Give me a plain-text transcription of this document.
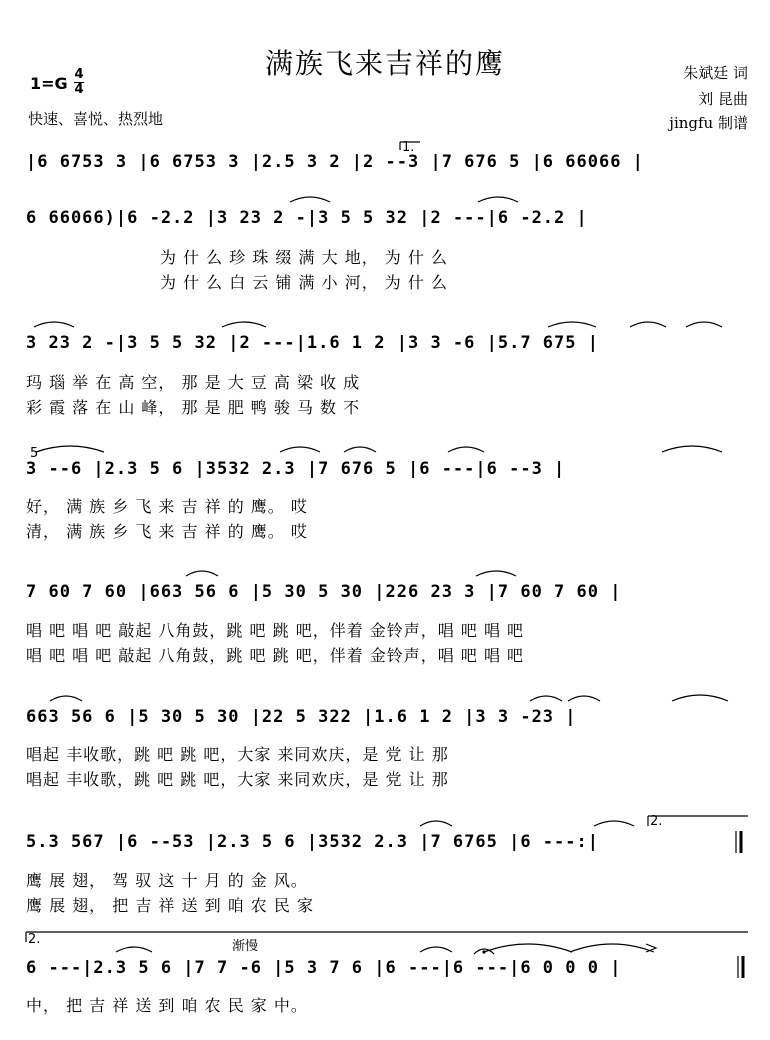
满族飞来吉祥的鹰
1=G 4
4
快速、喜悦、热烈地
朱斌廷 词
刘 昆曲
jingfu 制谱
|6 6753 3 |6 6753 3 |2.5 3 2 |2 --3 |7 676 5 |6 66066 |
6 66066)|6 -2.2 |3 23 2 -|3 5 5 32 |2 ---|6 -2.2 |
为 什 么 珍 珠 缀 满 大 地， 为 什 么
为 什 么 白 云 铺 满 小 河， 为 什 么
3 23 2 -|3 5 5 32 |2 ---|1.6 1 2 |3 3 -6 |5.7 675 |
玛 瑙 举 在 高 空， 那 是 大 豆 高 梁 收 成
彩 霞 落 在 山 峰， 那 是 肥 鸭 骏 马 数 不
3 --6 |2.3 5 6 |3532 2.3 |7 676 5 |6 ---|6 --3 |
好， 满 族 乡 飞 来 吉 祥 的 鹰。 哎
清， 满 族 乡 飞 来 吉 祥 的 鹰。 哎
7 60 7 60 |663 56 6 |5 30 5 30 |226 23 3 |7 60 7 60 |
唱 吧 唱 吧 敲起 八角鼓，跳 吧 跳 吧，伴着 金铃声，唱 吧 唱 吧
唱 吧 唱 吧 敲起 八角鼓，跳 吧 跳 吧，伴着 金铃声，唱 吧 唱 吧
663 56 6 |5 30 5 30 |22 5 322 |1.6 1 2 |3 3 -23 |
唱起 丰收歌，跳 吧 跳 吧，大家 来同欢庆，是 党 让 那
唱起 丰收歌，跳 吧 跳 吧，大家 来同欢庆，是 党 让 那
5.3 567 |6 --53 |2.3 5 6 |3532 2.3 |7 6765 |6 ---:|
鹰 展 翅， 驾 驭 这 十 月 的 金 风。
鹰 展 翅， 把 吉 祥 送 到 咱 农 民 家
6 ---|2.3 5 6 |7 7 -6 |5 3 7 6 |6 ---|6 ---|6 0 0 0 |
中， 把 吉 祥 送 到 咱 农 民 家 中。
1.
2.
2.
5
渐慢
